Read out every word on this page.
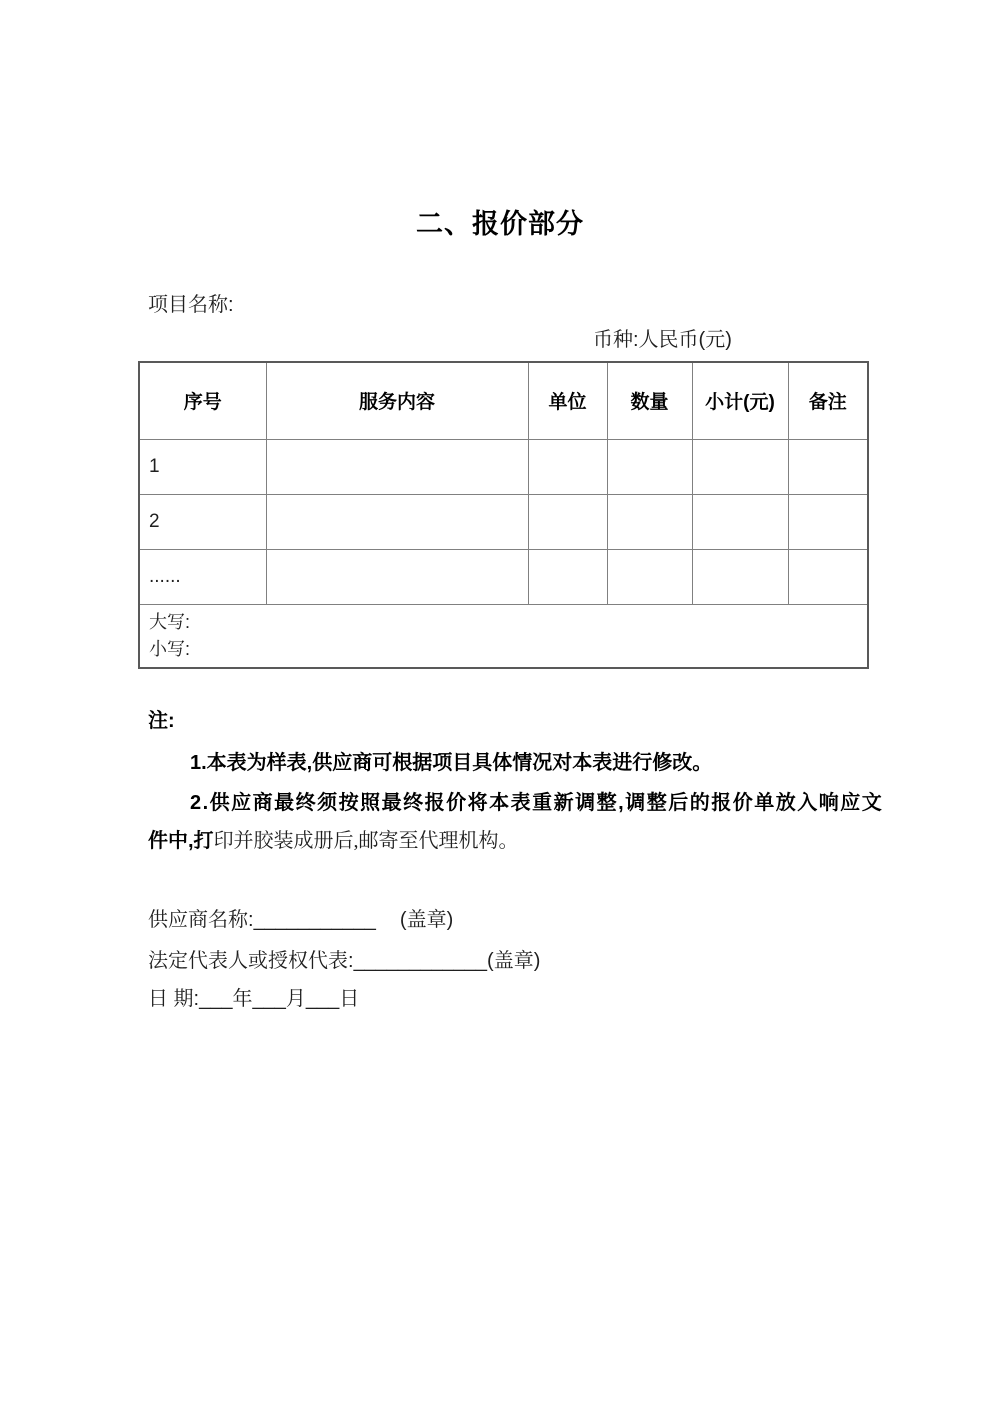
二、报价部分
项目名称:
币种:人民币(元)
序号	服务内容	单位	数量	小计(元)	备注
1					
2					
......					

大写:
小写:					
注:
1.本表为样表,供应商可根据项目具体情况对本表进行修改。
2.供应商最终须按照最终报价将本表重新调整,调整后的报价单放入响应文
件中,打印并胶装成册后,邮寄至代理机构。
供应商名称:___________ (盖章)
法定代表人或授权代表:____________(盖章)
日 期:___年___月___日
